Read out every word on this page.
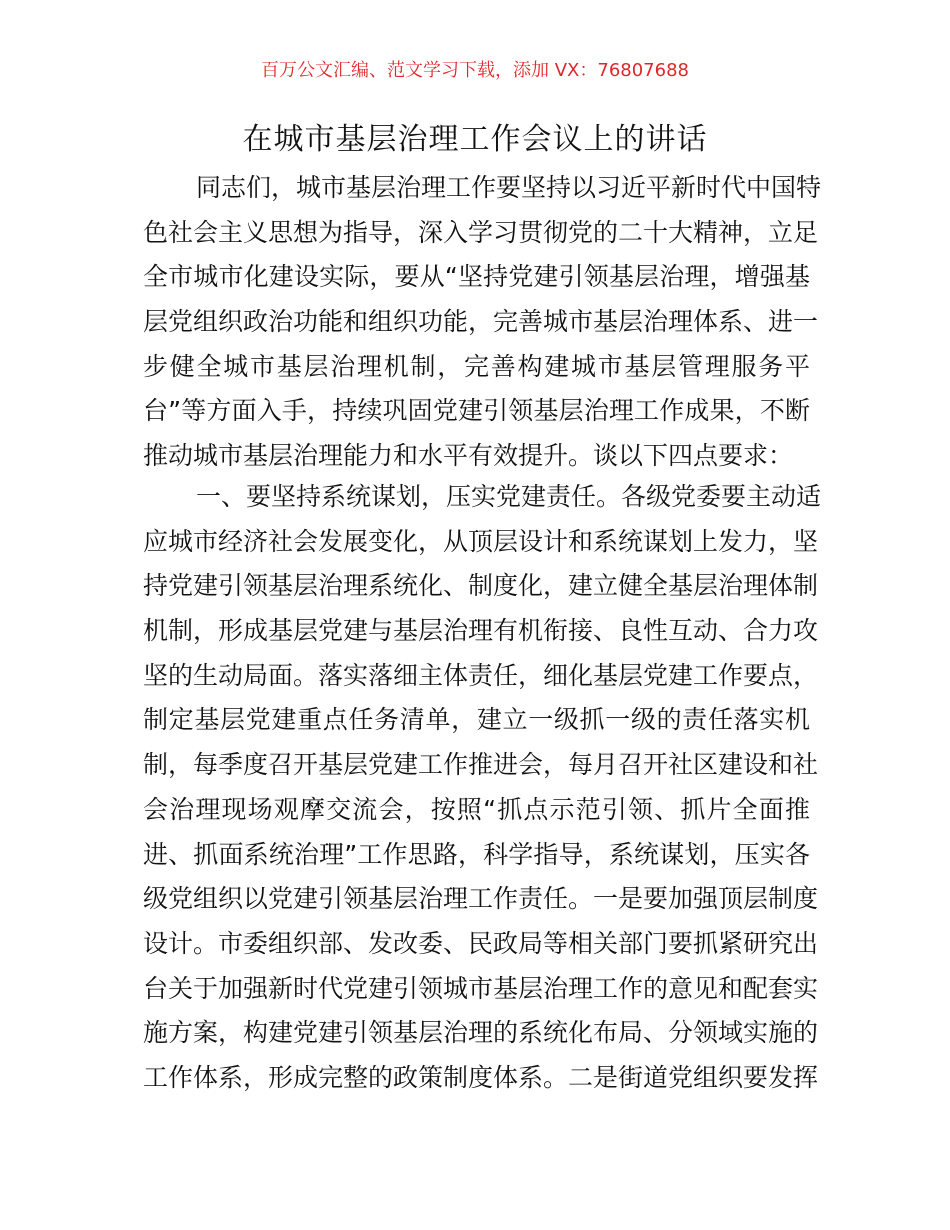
百万公文汇编、范文学习下载，添加 VX：76807688
在城市基层治理工作会议上的讲话
同志们，城市基层治理工作要坚持以习近平新时代中国特
色社会主义思想为指导，深入学习贯彻党的二十大精神，立足
全市城市化建设实际，要从“坚持党建引领基层治理，增强基
层党组织政治功能和组织功能，完善城市基层治理体系、进一
步健全城市基层治理机制，完善构建城市基层管理服务平
台”等方面入手，持续巩固党建引领基层治理工作成果，不断
推动城市基层治理能力和水平有效提升。谈以下四点要求：
一、要坚持系统谋划，压实党建责任。各级党委要主动适
应城市经济社会发展变化，从顶层设计和系统谋划上发力，坚
持党建引领基层治理系统化、制度化，建立健全基层治理体制
机制，形成基层党建与基层治理有机衔接、良性互动、合力攻
坚的生动局面。落实落细主体责任，细化基层党建工作要点，
制定基层党建重点任务清单，建立一级抓一级的责任落实机
制，每季度召开基层党建工作推进会，每月召开社区建设和社
会治理现场观摩交流会，按照“抓点示范引领、抓片全面推
进、抓面系统治理”工作思路，科学指导，系统谋划，压实各
级党组织以党建引领基层治理工作责任。一是要加强顶层制度
设计。市委组织部、发改委、民政局等相关部门要抓紧研究出
台关于加强新时代党建引领城市基层治理工作的意见和配套实
施方案，构建党建引领基层治理的系统化布局、分领域实施的
工作体系，形成完整的政策制度体系。二是街道党组织要发挥
